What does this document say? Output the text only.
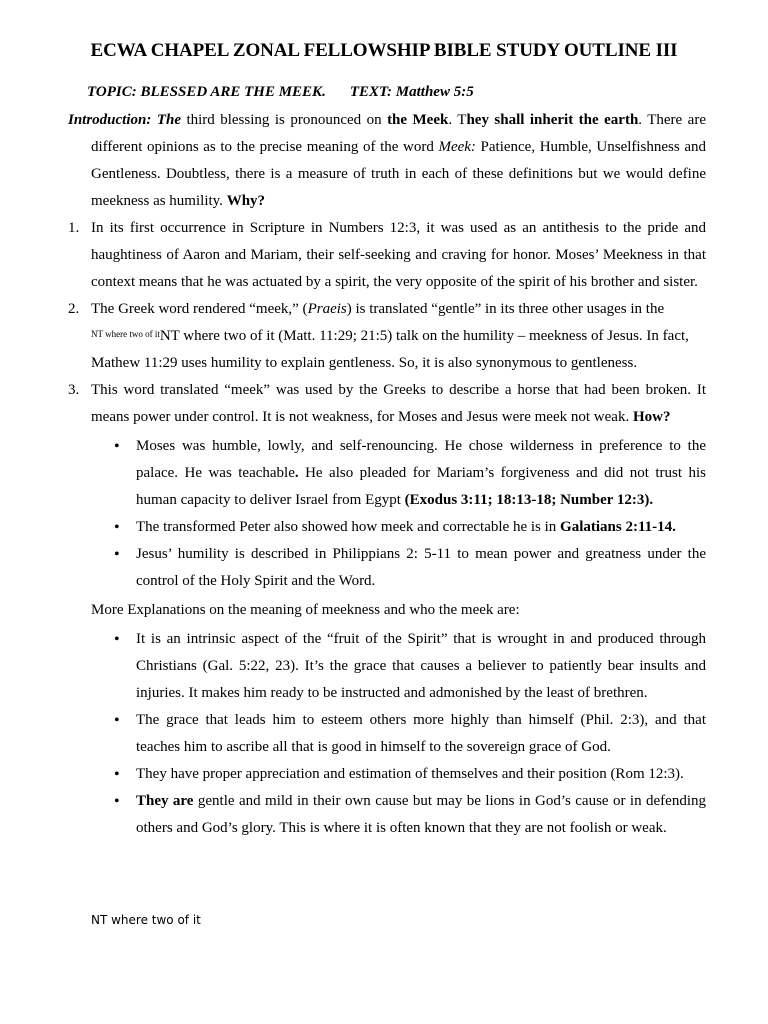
ECWA CHAPEL ZONAL FELLOWSHIP BIBLE STUDY OUTLINE III
TOPIC: BLESSED ARE THE MEEK. TEXT: Matthew 5:5

Introduction: The third blessing is pronounced on the Meek. They shall inherit the earth. There are different opinions as to the precise meaning of the word Meek: Patience, Humble, Unselfishness and Gentleness. Doubtless, there is a measure of truth in each of these definitions but we would define meekness as humility. Why?

1. In its first occurrence in Scripture in Numbers 12:3, it was used as an antithesis to the pride and haughtiness of Aaron and Mariam, their self-seeking and craving for honor. Moses’ Meekness in that context means that he was actuated by a spirit, the very opposite of the spirit of his brother and sister.

2. The Greek word rendered “meek,” (Praeis) is translated “gentle” in its three other usages in the
$^{NT where two of it}$NT where two of it (Matt. 11:29; 21:5) talk on the humility – meekness of Jesus. In fact, Mathew 11:29 uses humility to explain gentleness. So, it is also synonymous to gentleness.

3. This word translated “meek” was used by the Greeks to describe a horse that had been broken. It means power under control. It is not weakness, for Moses and Jesus were meek not weak. How?

• Moses was humble, lowly, and self-renouncing. He chose wilderness in preference to the palace. He was teachable. He also pleaded for Mariam’s forgiveness and did not trust his human capacity to deliver Israel from Egypt (Exodus 3:11; 18:13-18; Number 12:3).
• The transformed Peter also showed how meek and correctable he is in Galatians 2:11-14.
• Jesus’ humility is described in Philippians 2: 5-11 to mean power and greatness under the control of the Holy Spirit and the Word.

More Explanations on the meaning of meekness and who the meek are:

• It is an intrinsic aspect of the “fruit of the Spirit” that is wrought in and produced through Christians (Gal. 5:22, 23). It’s the grace that causes a believer to patiently bear insults and injuries. It makes him ready to be instructed and admonished by the least of brethren.
• The grace that leads him to esteem others more highly than himself (Phil. 2:3), and that teaches him to ascribe all that is good in himself to the sovereign grace of God.
• They have proper appreciation and estimation of themselves and their position (Rom 12:3).
• They are gentle and mild in their own cause but may be lions in God’s cause or in defending others and God’s glory. This is where it is often known that they are not foolish or weak.
NT where two of it
